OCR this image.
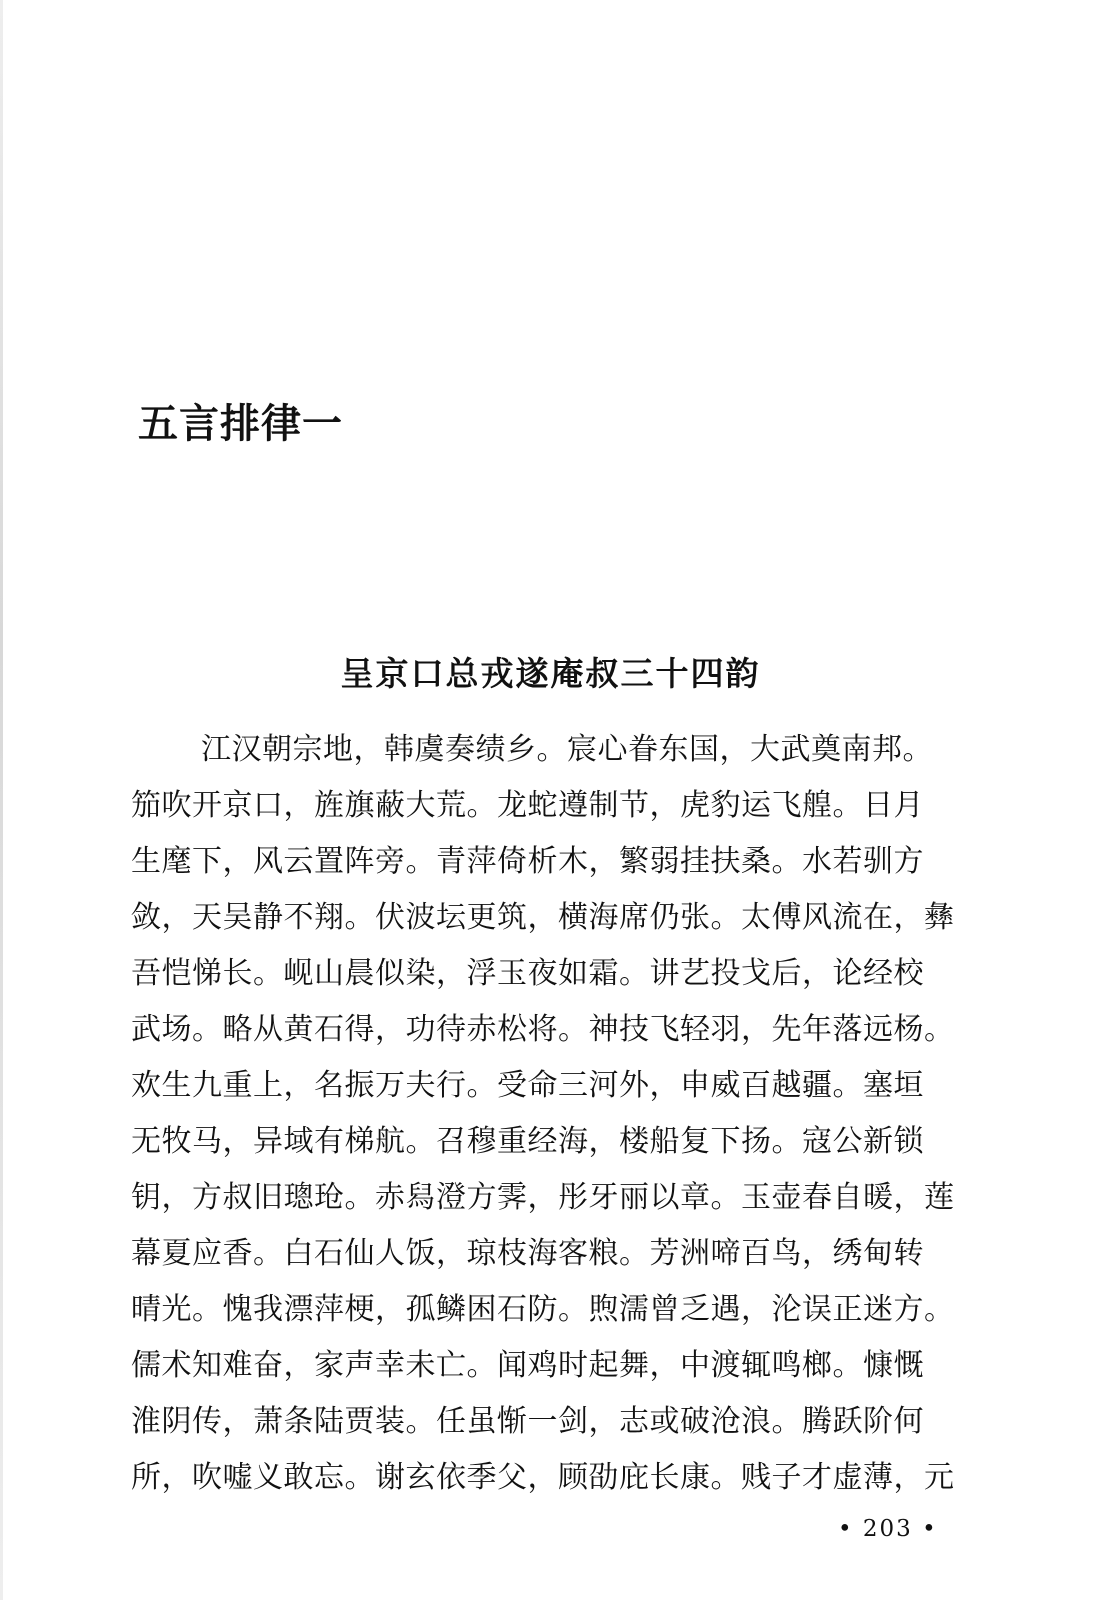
五言排律一
呈京口总戎遂庵叔三十四韵
江汉朝宗地，韩虞奏绩乡。宸心眷东国，大武奠南邦。
笳吹开京口，旌旗蔽大荒。龙蛇遵制节，虎豹运飞艎。日月
生麾下，风云置阵旁。青萍倚析木，繁弱挂扶桑。水若驯方
敛，天吴静不翔。伏波坛更筑，横海席仍张。太傅风流在，彝
吾恺悌长。岘山晨似染，浮玉夜如霜。讲艺投戈后，论经校
武场。略从黄石得，功待赤松将。神技飞轻羽，先年落远杨。
欢生九重上，名振万夫行。受命三河外，申威百越疆。塞垣
无牧马，异域有梯航。召穆重经海，楼船复下扬。寇公新锁
钥，方叔旧璁玱。赤舄澄方霁，彤牙丽以章。玉壶春自暖，莲
幕夏应香。白石仙人饭，琼枝海客粮。芳洲啼百鸟，绣甸转
晴光。愧我漂萍梗，孤鳞困石防。煦濡曾乏遇，沦误正迷方。
儒术知难奋，家声幸未亡。闻鸡时起舞，中渡辄鸣榔。慷慨
淮阴传，萧条陆贾装。任虽惭一剑，志或破沧浪。腾跃阶何
所，吹嘘义敢忘。谢玄依季父，顾劭庇长康。贱子才虚薄，元
• 203 •
